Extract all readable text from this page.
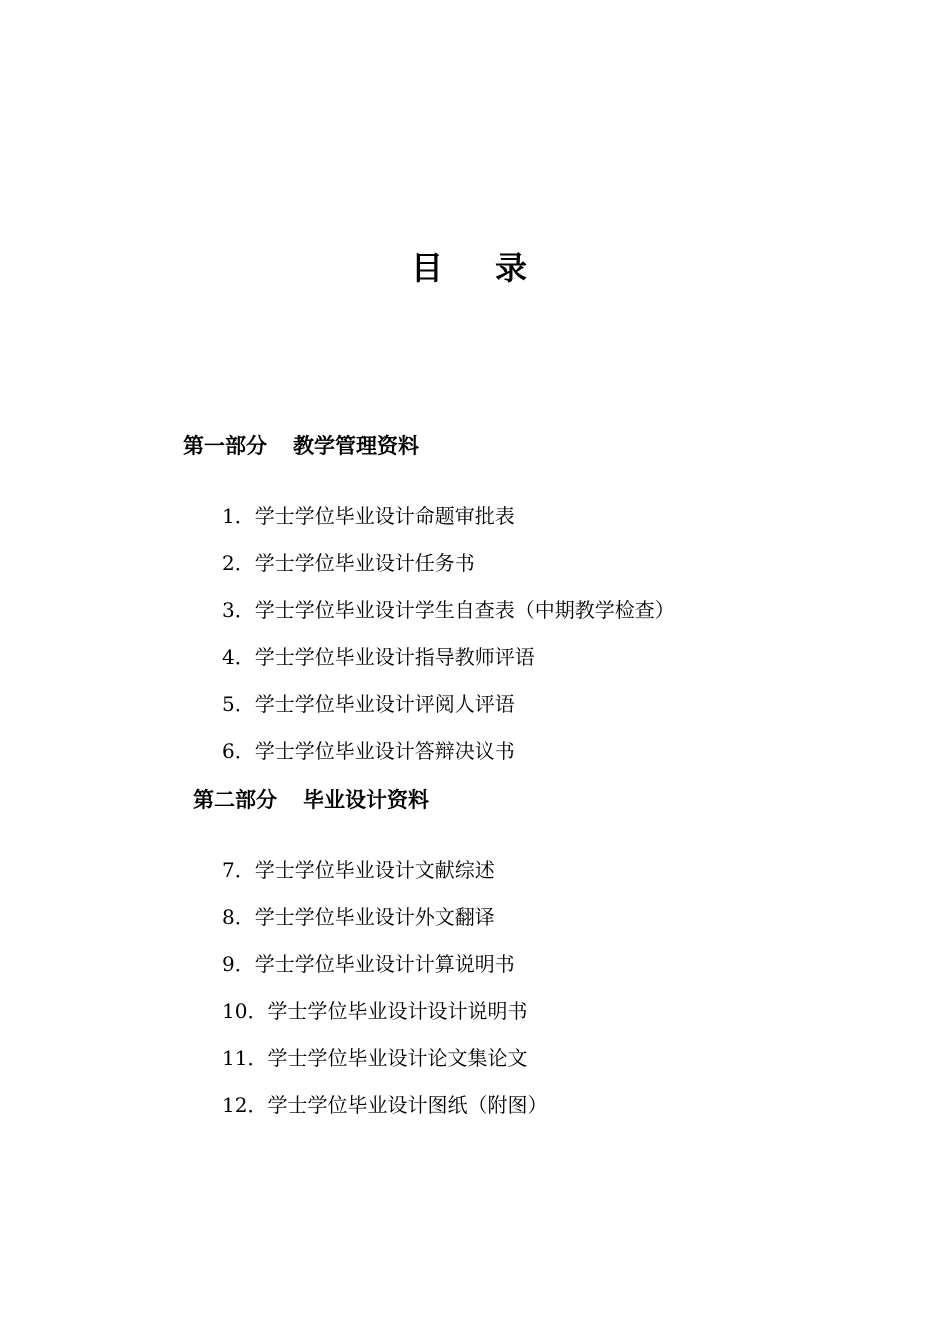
目录
第一部分 教学管理资料
1．学士学位毕业设计命题审批表
2．学士学位毕业设计任务书
3．学士学位毕业设计学生自查表（中期教学检查）
4．学士学位毕业设计指导教师评语
5．学士学位毕业设计评阅人评语
6．学士学位毕业设计答辩决议书
第二部分 毕业设计资料
7．学士学位毕业设计文献综述
8．学士学位毕业设计外文翻译
9．学士学位毕业设计计算说明书
10．学士学位毕业设计设计说明书
11．学士学位毕业设计论文集论文
12．学士学位毕业设计图纸（附图）
